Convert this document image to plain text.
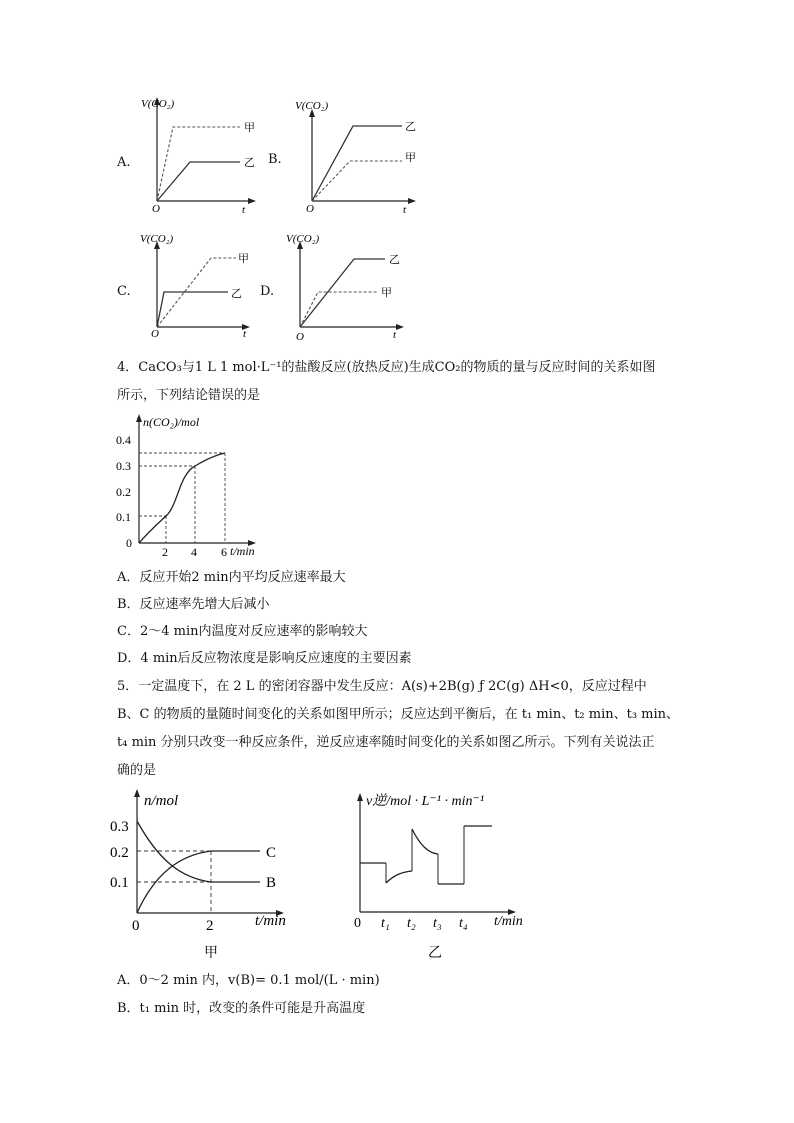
A.
O	t
V(CO₂)
甲
乙 B.
O	t
V(CO₂)
乙
甲
C.
O	t
V(CO₂)
甲
乙 D.
O	t
V(CO₂)
乙
甲
4．CaCO₃与1 L 1 mol·L⁻¹的盐酸反应(放热反应)生成CO₂的物质的量与反应时间的关系如图
所示，下列结论错误的是
n(CO₂)/mol
0.4
0.3
0.2
0.1
0
2 4 6 t/min
A．反应开始2 min内平均反应速率最大
B．反应速率先增大后减小
C．2～4 min内温度对反应速率的影响较大
D．4 min后反应物浓度是影响反应速度的主要因素
5．一定温度下，在 2 L 的密闭容器中发生反应：A(s)+2B(g) ƒ 2C(g) ΔH<0，反应过程中
B、C 的物质的量随时间变化的关系如图甲所示；反应达到平衡后，在 t₁ min、t₂ min、t₃ min、
t₄ min 分别只改变一种反应条件，逆反应速率随时间变化的关系如图乙所示。下列有关说法正
确的是
n/mol
0.3
0.2
0.1
0	2	t/min
C
B
甲
v逆/mol · L⁻¹ · min⁻¹
0 t₁ t₂ t₃ t₄ t/min
乙
A．0～2 min 内，v(B)= 0.1 mol/(L · min)
B．t₁ min 时，改变的条件可能是升高温度
